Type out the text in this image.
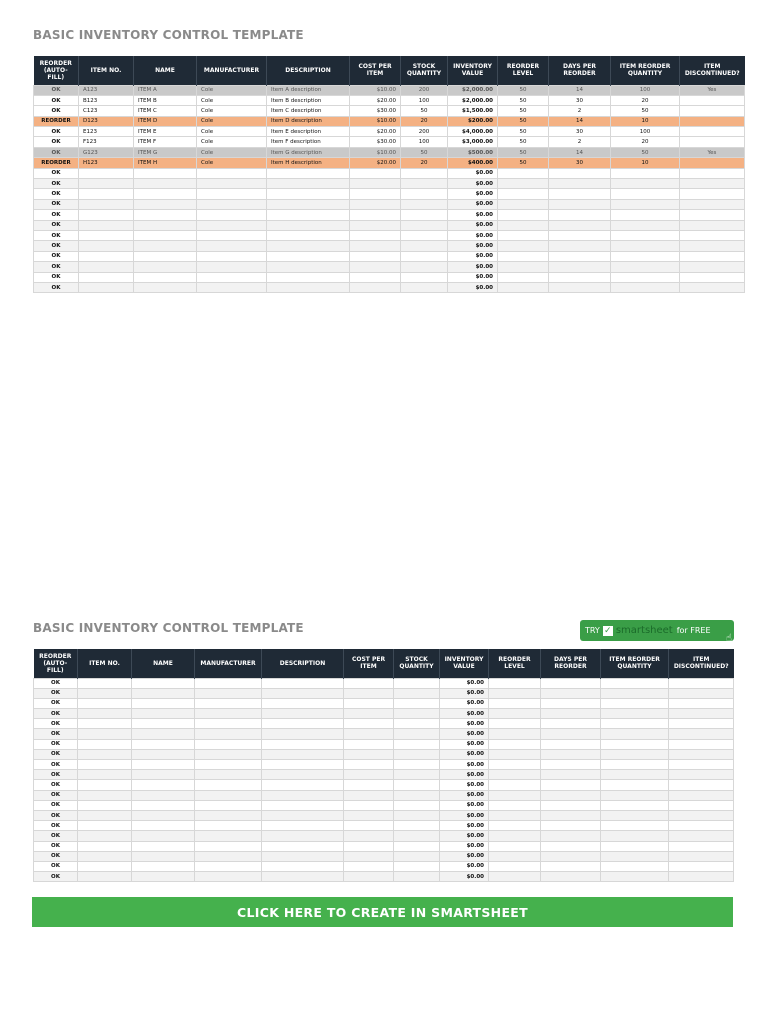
BASIC INVENTORY CONTROL TEMPLATE
REORDER (AUTO-FILL)	ITEM NO.	NAME	MANUFACTURER	DESCRIPTION	COST PER ITEM	STOCK QUANTITY	INVENTORY VALUE	REORDER LEVEL	DAYS PER REORDER	ITEM REORDER QUANTITY	ITEM DISCONTINUED?
OK	A123	ITEM A	Cole	Item A description	$10.00	200	$2,000.00	50	14	100	Yes
OK	B123	ITEM B	Cole	Item B description	$20.00	100	$2,000.00	50	30	20	
OK	C123	ITEM C	Cole	Item C description	$30.00	50	$1,500.00	50	2	50	
REORDER	D123	ITEM D	Cole	Item D description	$10.00	20	$200.00	50	14	10	
OK	E123	ITEM E	Cole	Item E description	$20.00	200	$4,000.00	50	30	100	
OK	F123	ITEM F	Cole	Item F description	$30.00	100	$3,000.00	50	2	20	
OK	G123	ITEM G	Cole	Item G description	$10.00	50	$500.00	50	14	50	Yes
REORDER	H123	ITEM H	Cole	Item H description	$20.00	20	$400.00	50	30	10	
OK							$0.00				
OK							$0.00				
OK							$0.00				
OK							$0.00				
OK							$0.00				
OK							$0.00				
OK							$0.00				
OK							$0.00				
OK							$0.00				
OK							$0.00				
OK							$0.00				
OK							$0.00				
BASIC INVENTORY CONTROL TEMPLATE	TRY ✓ smartsheet for FREE
☝
REORDER (AUTO-FILL)	ITEM NO.	NAME	MANUFACTURER	DESCRIPTION	COST PER ITEM	STOCK QUANTITY	INVENTORY VALUE	REORDER LEVEL	DAYS PER REORDER	ITEM REORDER QUANTITY	ITEM DISCONTINUED?
OK							$0.00				
OK							$0.00				
OK							$0.00				
OK							$0.00				
OK							$0.00				
OK							$0.00				
OK							$0.00				
OK							$0.00				
OK							$0.00				
OK							$0.00				
OK							$0.00				
OK							$0.00				
OK							$0.00				
OK							$0.00				
OK							$0.00				
OK							$0.00				
OK							$0.00				
OK							$0.00				
OK							$0.00				
OK							$0.00				
CLICK HERE TO CREATE IN SMARTSHEET
